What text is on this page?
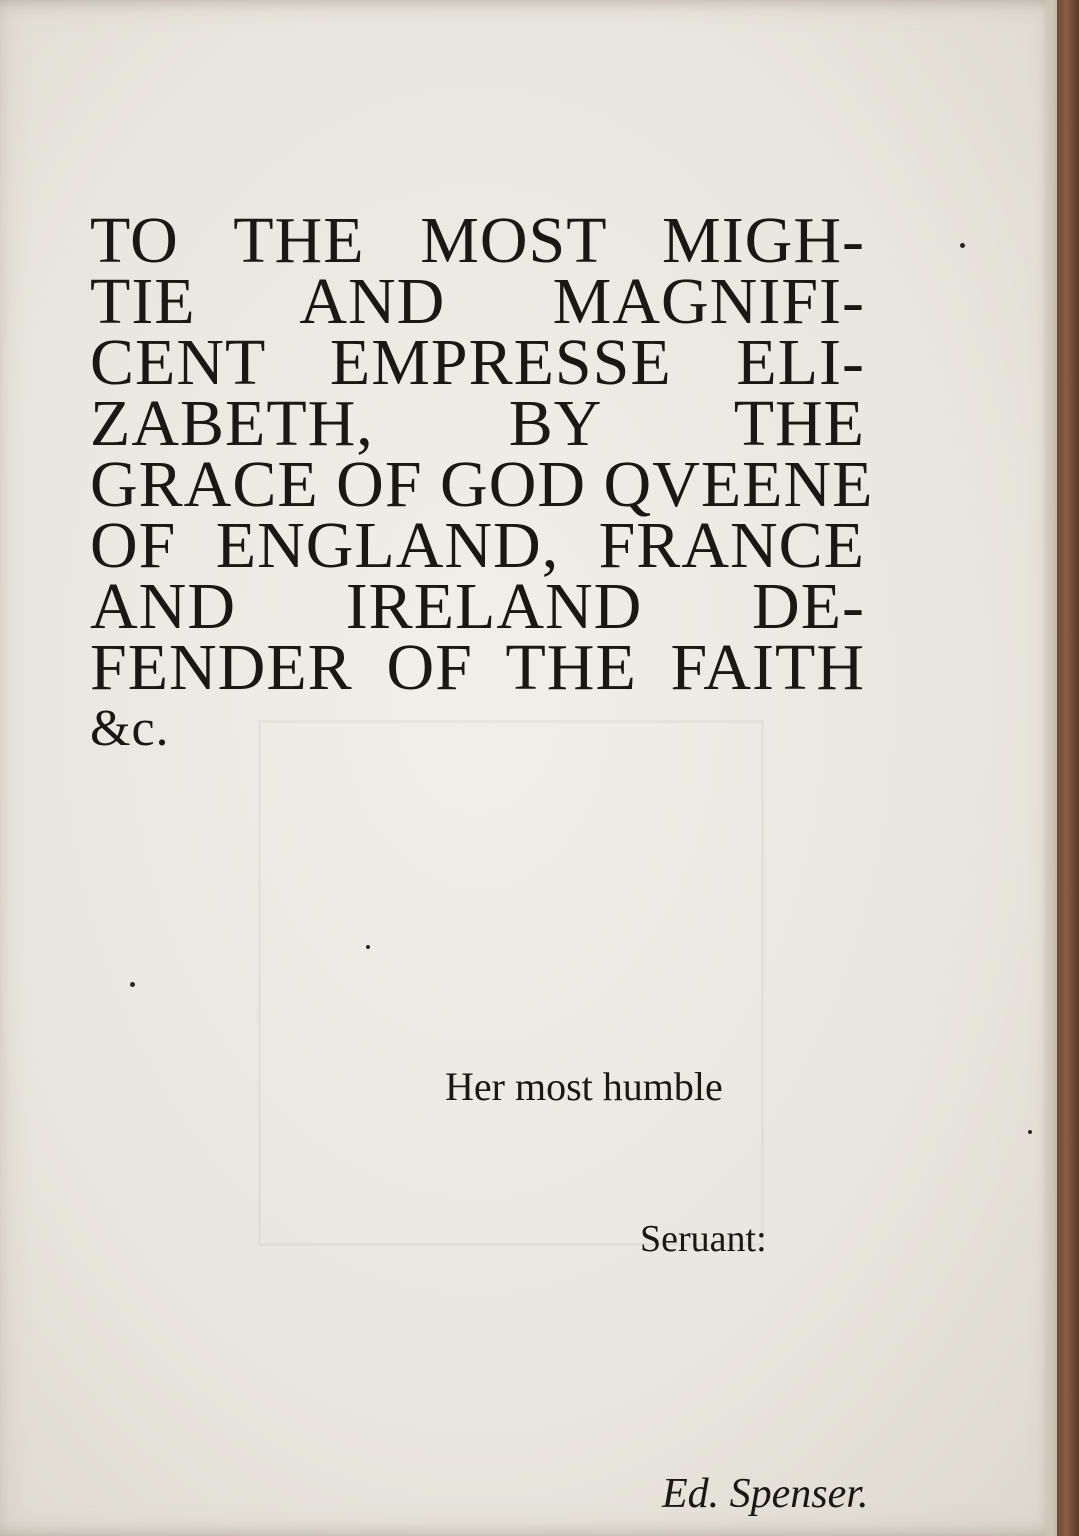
TO THE MOST MIGH-
TIE AND MAGNIFI-
CENT EMPRESSE ELI-
ZABETH, BY THE
GRACE OF GOD QVEENE
OF ENGLAND, FRANCE
AND IRELAND DE-
FENDER OF THE FAITH
&c.
Her most humble
Seruant:
Ed. Spenser.
